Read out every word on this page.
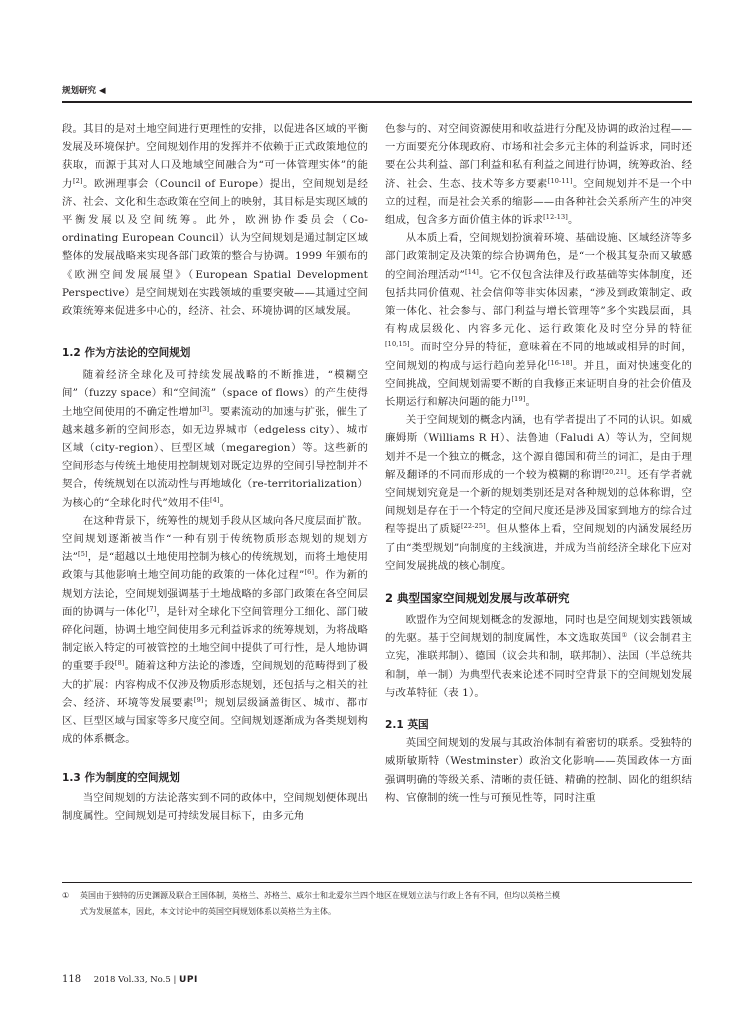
规划研究 ◀

段。其目的是对土地空间进行更理性的安排，以促进各区域的平衡发展及环境保护。空间规划作用的发挥并不依赖于正式政策地位的获取，而源于其对人口及地域空间融合为“可一体管理实体”的能力[2]。欧洲理事会（Council of Europe）提出，空间规划是经济、社会、文化和生态政策在空间上的映射，其目标是实现区域的平衡发展以及空间统筹。此外，欧洲协作委员会（Co-ordinating European Council）认为空间规划是通过制定区域整体的发展战略来实现各部门政策的整合与协调。1999 年颁布的《欧洲空间发展展望》（European Spatial Development Perspective）是空间规划在实践领域的重要突破——其通过空间政策统筹来促进多中心的，经济、社会、环境协调的区域发展。

1.2 作为方法论的空间规划

随着经济全球化及可持续发展战略的不断推进，“模糊空间”（fuzzy space）和“空间流”（space of flows）的产生使得土地空间使用的不确定性增加[3]。要素流动的加速与扩张，催生了越来越多新的空间形态，如无边界城市（edgeless city）、城市区域（city-region）、巨型区域（megaregion）等。这些新的空间形态与传统土地使用控制规划对既定边界的空间引导控制并不契合，传统规划在以流动性与再地域化（re-territorialization）为核心的“全球化时代”效用不佳[4]。

在这种背景下，统筹性的规划手段从区域向各尺度层面扩散。空间规划逐渐被当作“一种有别于传统物质形态规划的规划方法”[5]，是“超越以土地使用控制为核心的传统规划，而将土地使用政策与其他影响土地空间功能的政策的一体化过程”[6]。作为新的规划方法论，空间规划强调基于土地战略的多部门政策在各空间层面的协调与一体化[7]，是针对全球化下空间管理分工细化、部门破碎化问题，协调土地空间使用多元利益诉求的统筹规划，为将战略制定嵌入特定的可被管控的土地空间中提供了可行性，是人地协调的重要手段[8]。随着这种方法论的渗透，空间规划的范畴得到了极大的扩展：内容构成不仅涉及物质形态规划，还包括与之相关的社会、经济、环境等发展要素[9]；规划层级涵盖街区、城市、都市区、巨型区域与国家等多尺度空间。空间规划逐渐成为各类规划构成的体系概念。

1.3 作为制度的空间规划

当空间规划的方法论落实到不同的政体中，空间规划便体现出制度属性。空间规划是可持续发展目标下，由多元角

色参与的、对空间资源使用和收益进行分配及协调的政治过程——一方面要充分体现政府、市场和社会多元主体的利益诉求，同时还要在公共利益、部门利益和私有利益之间进行协调，统筹政治、经济、社会、生态、技术等多方要素[10-11]。空间规划并不是一个中立的过程，而是社会关系的缩影——由各种社会关系所产生的冲突组成，包含多方面价值主体的诉求[12-13]。

从本质上看，空间规划扮演着环境、基础设施、区域经济等多部门政策制定及决策的综合协调角色，是“一个极其复杂而又敏感的空间治理活动”[14]。它不仅包含法律及行政基础等实体制度，还包括共同价值观、社会信仰等非实体因素，“涉及到政策制定、政策一体化、社会参与、部门利益与增长管理等”多个实践层面，具有构成层级化、内容多元化、运行政策化及时空分异的特征[10,15]。而时空分异的特征，意味着在不同的地域或相异的时间，空间规划的构成与运行趋向差异化[16-18]。并且，面对快速变化的空间挑战，空间规划需要不断的自我修正来证明自身的社会价值及长期运行和解决问题的能力[19]。

关于空间规划的概念内涵，也有学者提出了不同的认识。如威廉姆斯（Williams R H）、法鲁迪（Faludi A）等认为，空间规划并不是一个独立的概念，这个源自德国和荷兰的词汇，是由于理解及翻译的不同而形成的一个较为模糊的称谓[20,21]。还有学者就空间规划究竟是一个新的规划类别还是对各种规划的总体称谓，空间规划是存在于一个特定的空间尺度还是涉及国家到地方的综合过程等提出了质疑[22-25]。但从整体上看，空间规划的内涵发展经历了由“类型规划”向制度的主线演进，并成为当前经济全球化下应对空间发展挑战的核心制度。

2 典型国家空间规划发展与改革研究

欧盟作为空间规划概念的发源地，同时也是空间规划实践领域的先驱。基于空间规划的制度属性，本文选取英国①（议会制君主立宪，准联邦制）、德国（议会共和制，联邦制）、法国（半总统共和制，单一制）为典型代表来论述不同时空背景下的空间规划发展与改革特征（表 1）。

2.1 英国

英国空间规划的发展与其政治体制有着密切的联系。受独特的威斯敏斯特（Westminster）政治文化影响——英国政体一方面强调明确的等级关系、清晰的责任链、精确的控制、固化的组织结构、官僚制的统一性与可预见性等，同时注重

① 英国由于独特的历史渊源及联合王国体制，英格兰、苏格兰、威尔士和北爱尔兰四个地区在规划立法与行政上各有不同，但均以英格兰模
式为发展蓝本，因此，本文讨论中的英国空间规划体系以英格兰为主体。
118 2018 Vol.33, No.5 | UPI
